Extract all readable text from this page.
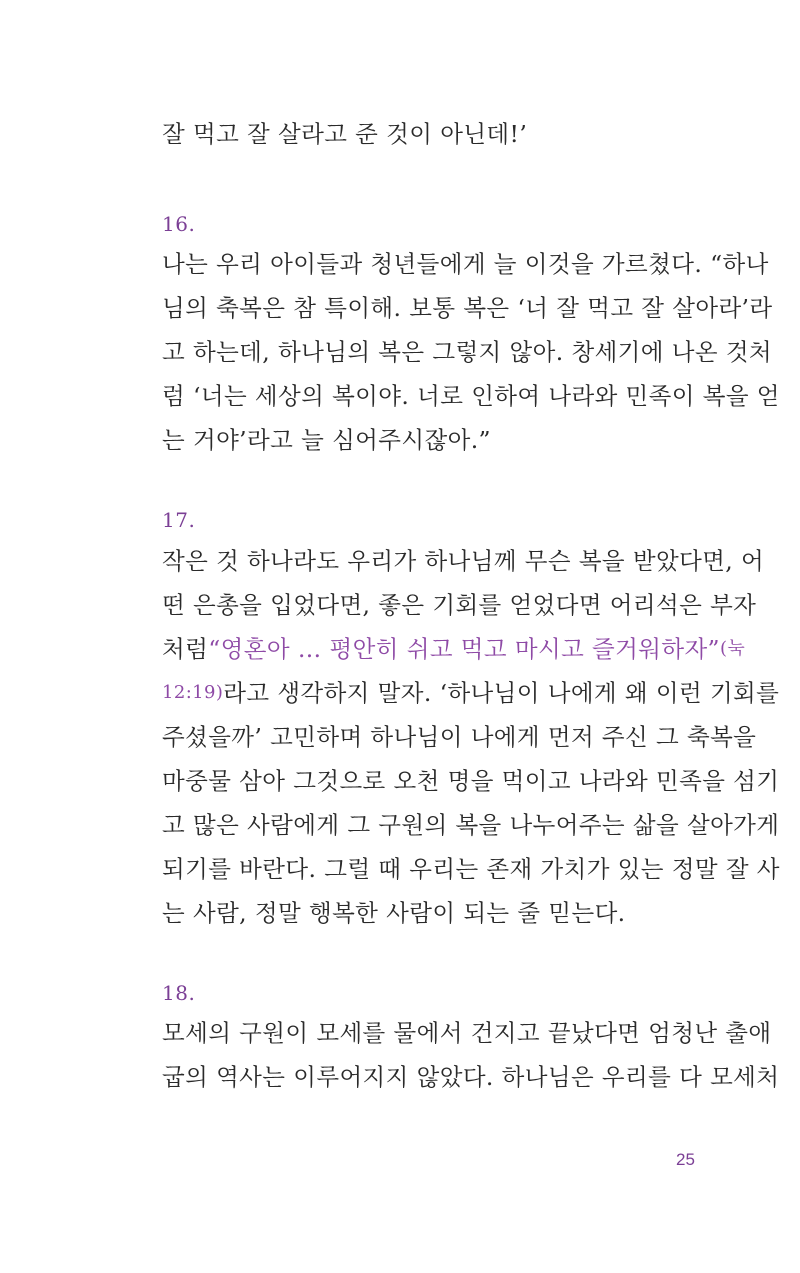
잘 먹고 잘 살라고 준 것이 아닌데!’
16.
나는 우리 아이들과 청년들에게 늘 이것을 가르쳤다. “하나
님의 축복은 참 특이해. 보통 복은 ‘너 잘 먹고 잘 살아라’라
고 하는데, 하나님의 복은 그렇지 않아. 창세기에 나온 것처
럼 ‘너는 세상의 복이야. 너로 인하여 나라와 민족이 복을 얻
는 거야’라고 늘 심어주시잖아.”
17.
작은 것 하나라도 우리가 하나님께 무슨 복을 받았다면, 어
떤 은총을 입었다면, 좋은 기회를 얻었다면 어리석은 부자
처럼 “영혼아 … 평안히 쉬고 먹고 마시고 즐거워하자” (눅
12:19) 라고 생각하지 말자. ‘하나님이 나에게 왜 이런 기회를
주셨을까’ 고민하며 하나님이 나에게 먼저 주신 그 축복을
마중물 삼아 그것으로 오천 명을 먹이고 나라와 민족을 섬기
고 많은 사람에게 그 구원의 복을 나누어주는 삶을 살아가게
되기를 바란다. 그럴 때 우리는 존재 가치가 있는 정말 잘 사
는 사람, 정말 행복한 사람이 되는 줄 믿는다.
18.
모세의 구원이 모세를 물에서 건지고 끝났다면 엄청난 출애
굽의 역사는 이루어지지 않았다. 하나님은 우리를 다 모세처
25
